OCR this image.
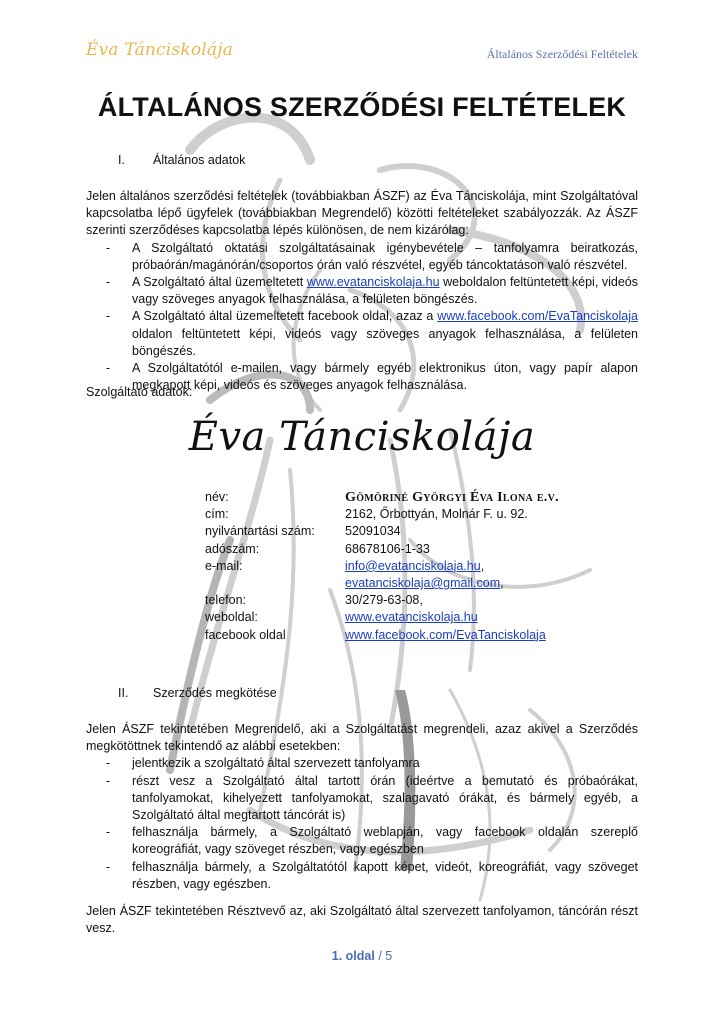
Éva Tánciskolája	Általános Szerződési Feltételek
ÁLTALÁNOS SZERZŐDÉSI FELTÉTELEK
I. Általános adatok

Jelen általános szerződési feltételek (továbbiakban ÁSZF) az Éva Tánciskolája, mint Szolgáltatóval kapcsolatba lépő ügyfelek (továbbiakban Megrendelő) közötti feltételeket szabályozzák. Az ÁSZF szerinti szerződéses kapcsolatba lépés különösen, de nem kizárólag:

- A Szolgáltató oktatási szolgáltatásainak igénybevétele – tanfolyamra beiratkozás, próbaórán/magánórán/csoportos órán való részvétel, egyéb táncoktatáson való részvétel.
- A Szolgáltató által üzemeltetett www.evatanciskolaja.hu weboldalon feltüntetett képi, videós vagy szöveges anyagok felhasználása, a felületen böngészés.
- A Szolgáltató által üzemeltetett facebook oldal, azaz a www.facebook.com/EvaTanciskolaja oldalon feltüntetett képi, videós vagy szöveges anyagok felhasználása, a felületen böngészés.
- A Szolgáltatótól e-mailen, vagy bármely egyéb elektronikus úton, vagy papír alapon megkapott képi, videós és szöveges anyagok felhasználása.
Szolgáltató adatok:
Éva Tánciskolája
név:	Gömöriné Györgyi Éva Ilona e.v.
cím:	2162, Őrbottyán, Molnár F. u. 92.
nyilvántartási szám:	52091034
adószám:	68678106-1-33
e-mail:	info@evatanciskolaja.hu,
evatanciskolaja@gmail.com,
telefon:	30/279-63-08,
weboldal:	www.evatanciskolaja.hu
facebook oldal	www.facebook.com/EvaTanciskolaja
II. Szerződés megkötése

Jelen ÁSZF tekintetében Megrendelő, aki a Szolgáltatást megrendeli, azaz akivel a Szerződés megkötöttnek tekintendő az alábbi esetekben:

- jelentkezik a szolgáltató által szervezett tanfolyamra
- részt vesz a Szolgáltató által tartott órán (ideértve a bemutató és próbaórákat, tanfolyamokat, kihelyezett tanfolyamokat, szalagavató órákat, és bármely egyéb, a Szolgáltató által megtartott táncórát is)
- felhasználja bármely, a Szolgáltató weblapján, vagy facebook oldalán szereplő koreográfiát, vagy szöveget részben, vagy egészben
- felhasználja bármely, a Szolgáltatótól kapott képet, videót, koreográfiát, vagy szöveget részben, vagy egészben.
Jelen ÁSZF tekintetében Résztvevő az, aki Szolgáltató által szervezett tanfolyamon, táncórán részt vesz.
1. oldal / 5
